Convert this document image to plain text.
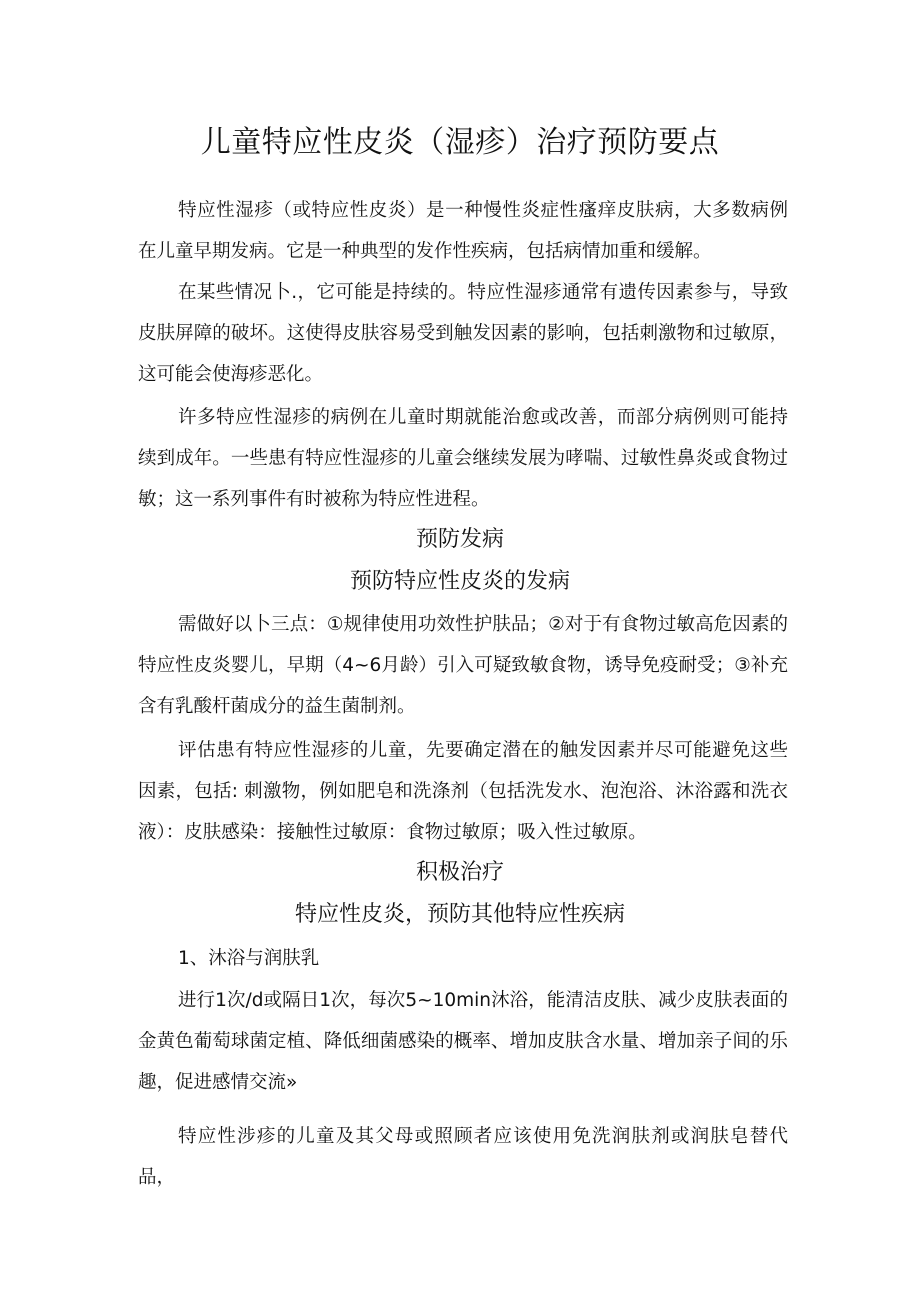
儿童特应性皮炎（湿疹）治疗预防要点

特应性湿疹（或特应性皮炎）是一种慢性炎症性瘙痒皮肤病，大多数病例在儿童早期发病。它是一种典型的发作性疾病，包括病情加重和缓解。

在某些情况卜.，它可能是持续的。特应性湿疹通常有遗传因素参与，导致皮肤屏障的破坏。这使得皮肤容易受到触发因素的影响，包括刺激物和过敏原，这可能会使海疹恶化。

许多特应性湿疹的病例在儿童时期就能治愈或改善，而部分病例则可能持续到成年。一些患有特应性湿疹的儿童会继续发展为哮喘、过敏性鼻炎或食物过敏；这一系列事件有时被称为特应性进程。

预防发病
预防特应性皮炎的发病

需做好以卜三点：①规律使用功效性护肤品；②对于有食物过敏高危因素的特应性皮炎婴儿，早期（4~6月龄）引入可疑致敏食物，诱导免疫耐受；③补充含有乳酸杆菌成分的益生菌制剂。

评估患有特应性湿疹的儿童，先要确定潜在的触发因素并尽可能避免这些因素，包括: 刺激物，例如肥皂和洗涤剂（包括洗发水、泡泡浴、沐浴露和洗衣液）：皮肤感染：接触性过敏原：食物过敏原；吸入性过敏原。

积极治疗
特应性皮炎，预防其他特应性疾病

1、沐浴与润肤乳

进行1次/d或隔日1次，每次5~10min沐浴，能清洁皮肤、减少皮肤表面的金黄色葡萄球菌定植、降低细菌感染的概率、增加皮肤含水量、增加亲子间的乐趣，促进感情交流»

特应性涉疹的儿童及其父母或照顾者应该使用免洗润肤剂或润肤皂替代品，
